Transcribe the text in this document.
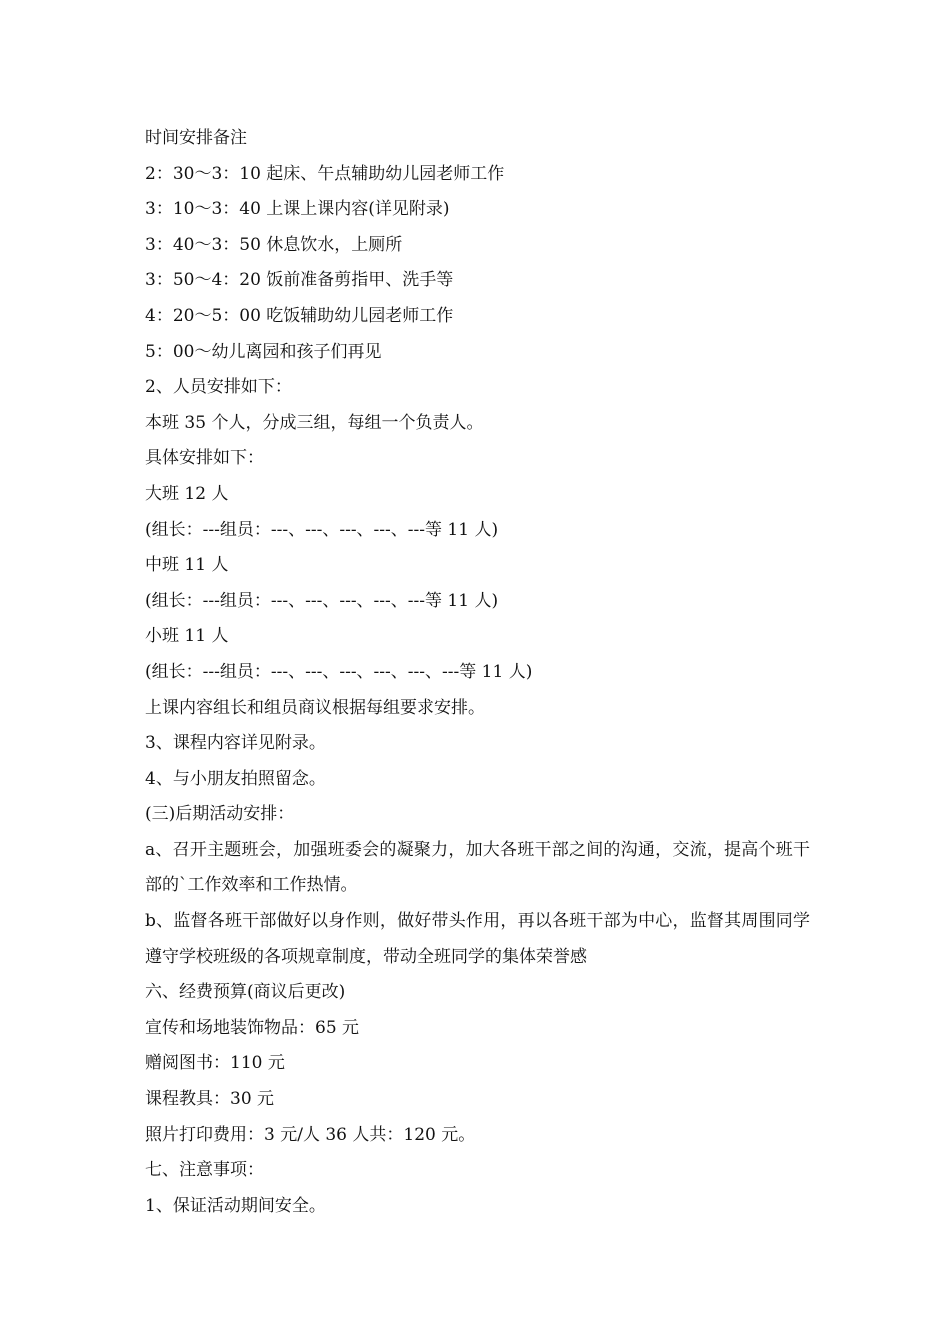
时间安排备注
2：30～3：10 起床、午点辅助幼儿园老师工作
3：10～3：40 上课上课内容(详见附录)
3：40～3：50 休息饮水，上厕所
3：50～4：20 饭前准备剪指甲、洗手等
4：20～5：00 吃饭辅助幼儿园老师工作
5：00～幼儿离园和孩子们再见
2、人员安排如下：
本班 35 个人，分成三组，每组一个负责人。
具体安排如下：
大班 12 人
(组长：---组员：---、---、---、---、---等 11 人)
中班 11 人
(组长：---组员：---、---、---、---、---等 11 人)
小班 11 人
(组长：---组员：---、---、---、---、---、---等 11 人)
上课内容组长和组员商议根据每组要求安排。
3、课程内容详见附录。
4、与小朋友拍照留念。
(三)后期活动安排：
a、召开主题班会，加强班委会的凝聚力，加大各班干部之间的沟通，交流，提高个班干部的`工作效率和工作热情。
b、监督各班干部做好以身作则，做好带头作用，再以各班干部为中心，监督其周围同学遵守学校班级的各项规章制度，带动全班同学的集体荣誉感
六、经费预算(商议后更改)
宣传和场地装饰物品：65 元
赠阅图书：110 元
课程教具：30 元
照片打印费用：3 元/人 36 人共：120 元。
七、注意事项：
1、保证活动期间安全。
